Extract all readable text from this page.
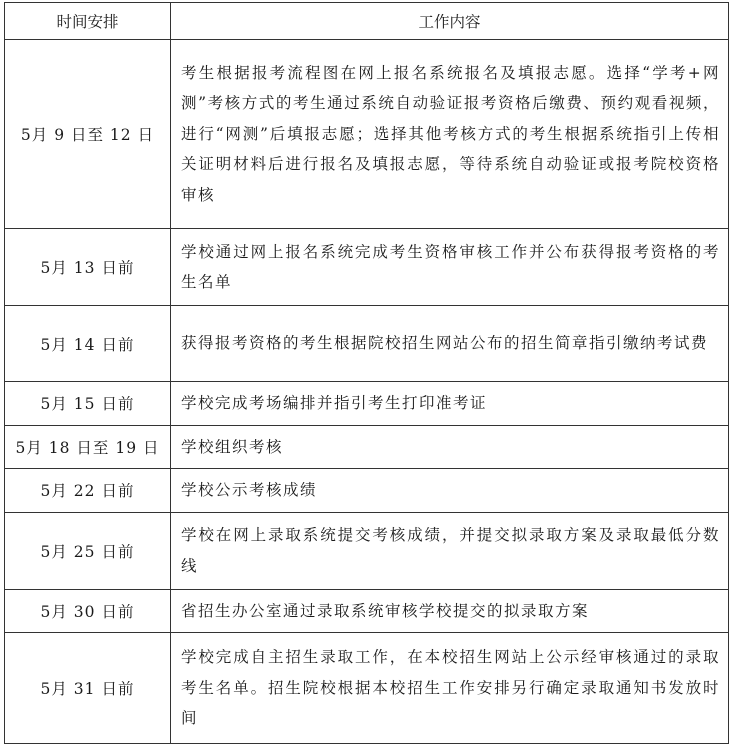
时间安排	工作内容
5月 9 日至 12 日	考生根据报考流程图在网上报名系统报名及填报志愿。选择“学考+网测”考核方式的考生通过系统自动验证报考资格后缴费、预约观看视频，进行“网测”后填报志愿；选择其他考核方式的考生根据系统指引上传相关证明材料后进行报名及填报志愿，等待系统自动验证或报考院校资格审核
5月 13 日前	学校通过网上报名系统完成考生资格审核工作并公布获得报考资格的考生名单
5月 14 日前	获得报考资格的考生根据院校招生网站公布的招生简章指引缴纳考试费
5月 15 日前	学校完成考场编排并指引考生打印准考证
5月 18 日至 19 日	学校组织考核
5月 22 日前	学校公示考核成绩
5月 25 日前	学校在网上录取系统提交考核成绩，并提交拟录取方案及录取最低分数线
5月 30 日前	省招生办公室通过录取系统审核学校提交的拟录取方案
5月 31 日前	学校完成自主招生录取工作，在本校招生网站上公示经审核通过的录取考生名单。招生院校根据本校招生工作安排另行确定录取通知书发放时间
